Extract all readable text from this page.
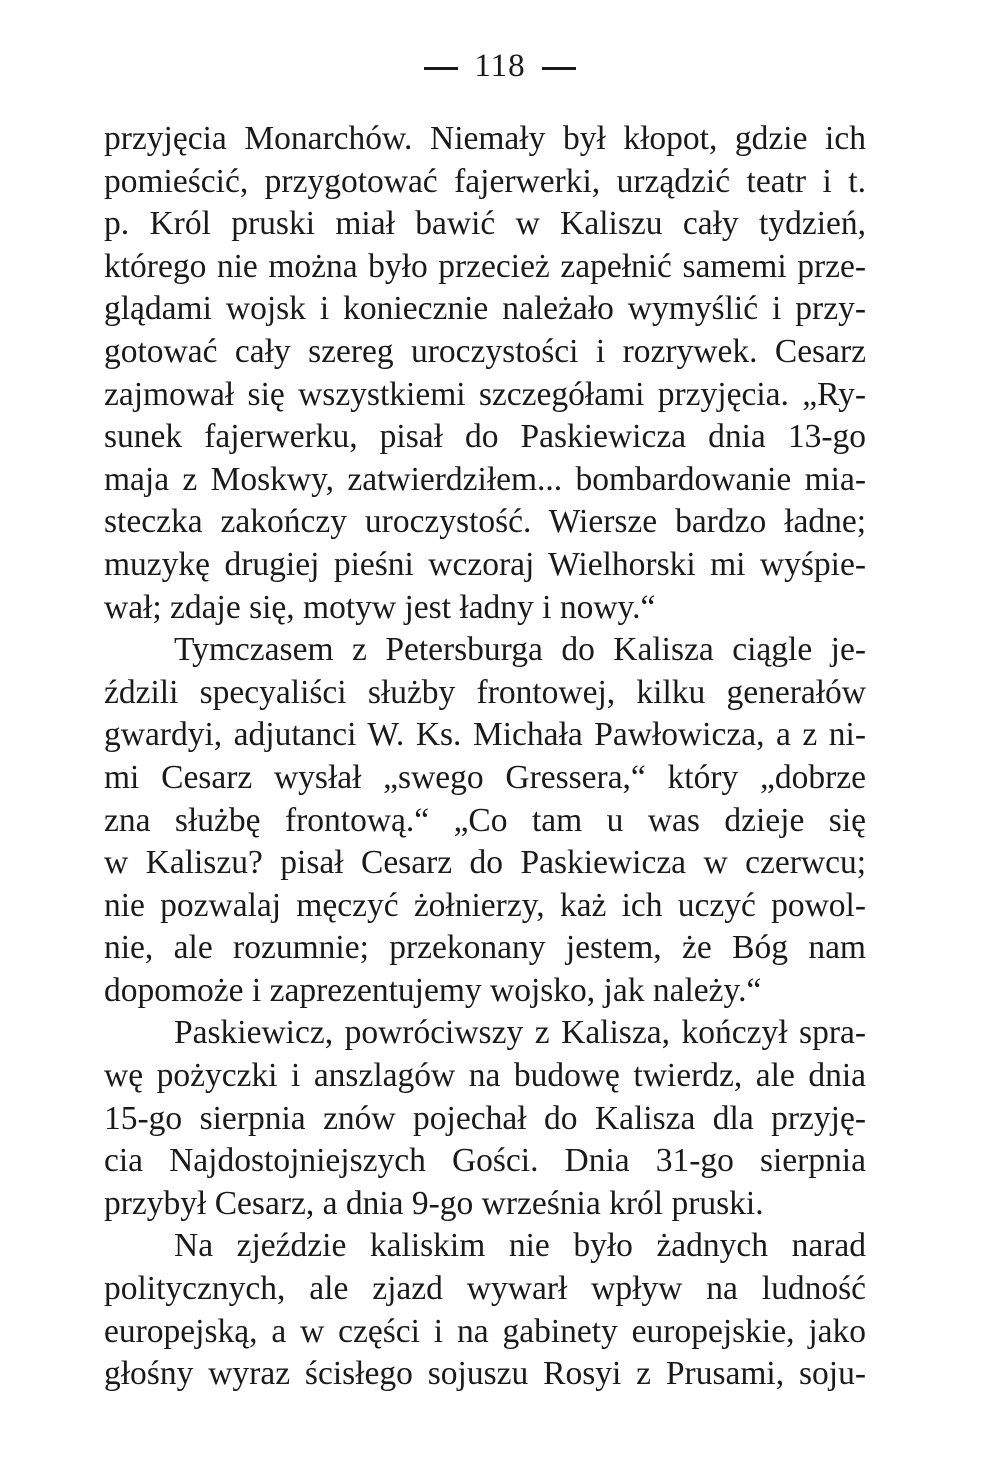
118
przyjęcia Monarchów. Niemały był kłopot, gdzie ich
pomieścić, przygotować fajerwerki, urządzić teatr i t.
p. Król pruski miał bawić w Kaliszu cały tydzień,
którego nie można było przecież zapełnić samemi prze-
glądami wojsk i koniecznie należało wymyślić i przy-
gotować cały szereg uroczystości i rozrywek. Cesarz
zajmował się wszystkiemi szczegółami przyjęcia. „Ry-
sunek fajerwerku, pisał do Paskiewicza dnia 13-go
maja z Moskwy, zatwierdziłem... bombardowanie mia-
steczka zakończy uroczystość. Wiersze bardzo ładne;
muzykę drugiej pieśni wczoraj Wielhorski mi wyśpie-
wał; zdaje się, motyw jest ładny i nowy.“
Tymczasem z Petersburga do Kalisza ciągle je-
ździli specyaliści służby frontowej, kilku generałów
gwardyi, adjutanci W. Ks. Michała Pawłowicza, a z ni-
mi Cesarz wysłał „swego Gressera,“ który „dobrze
zna służbę frontową.“ „Co tam u was dzieje się
w Kaliszu? pisał Cesarz do Paskiewicza w czerwcu;
nie pozwalaj męczyć żołnierzy, każ ich uczyć powol-
nie, ale rozumnie; przekonany jestem, że Bóg nam
dopomoże i zaprezentujemy wojsko, jak należy.“
Paskiewicz, powróciwszy z Kalisza, kończył spra-
wę pożyczki i anszlagów na budowę twierdz, ale dnia
15-go sierpnia znów pojechał do Kalisza dla przyję-
cia Najdostojniejszych Gości. Dnia 31-go sierpnia
przybył Cesarz, a dnia 9-go września król pruski.
Na zjeździe kaliskim nie było żadnych narad
politycznych, ale zjazd wywarł wpływ na ludność
europejską, a w części i na gabinety europejskie, jako
głośny wyraz ścisłego sojuszu Rosyi z Prusami, soju-
